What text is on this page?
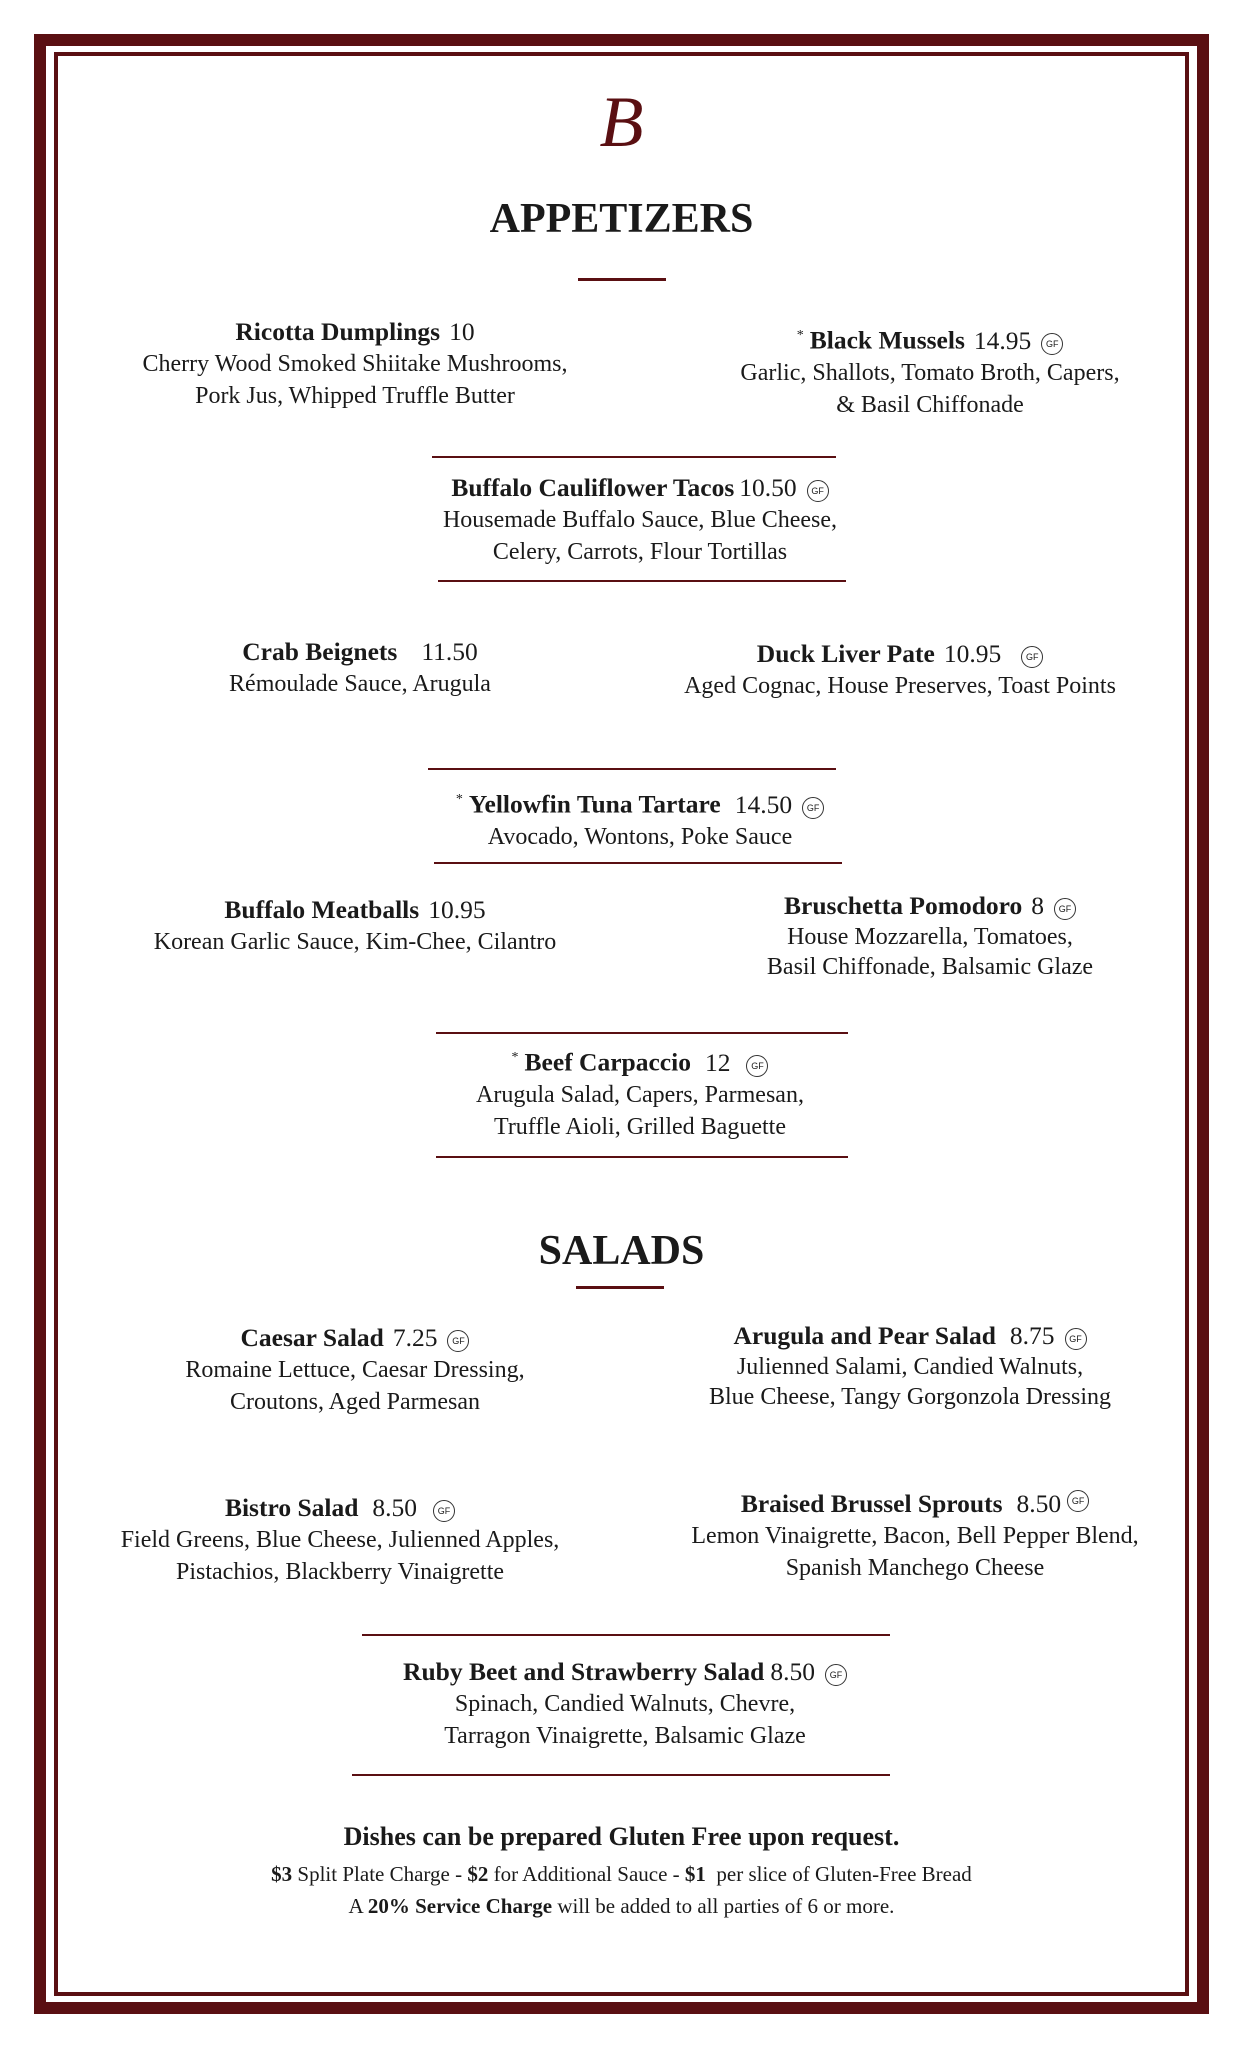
B
APPETIZERS
Ricotta Dumplings 10
Cherry Wood Smoked Shiitake Mushrooms,
Pork Jus, Whipped Truffle Butter
* Black Mussels 14.95 GF
Garlic, Shallots, Tomato Broth, Capers,
& Basil Chiffonade
Buffalo Cauliflower Tacos 10.50 GF
Housemade Buffalo Sauce, Blue Cheese,
Celery, Carrots, Flour Tortillas
Crab Beignets 11.50
Rémoulade Sauce, Arugula
Duck Liver Pate 10.95	GF
Aged Cognac, House Preserves, Toast Points
* Yellowfin Tuna Tartare 14.50 GF
Avocado, Wontons, Poke Sauce
Buffalo Meatballs 10.95
Korean Garlic Sauce, Kim-Chee, Cilantro
Bruschetta Pomodoro 8 GF
House Mozzarella, Tomatoes,
Basil Chiffonade, Balsamic Glaze
* Beef Carpaccio 12 GF
Arugula Salad, Capers, Parmesan,
Truffle Aioli, Grilled Baguette
SALADS
Caesar Salad 7.25 GF
Romaine Lettuce, Caesar Dressing,
Croutons, Aged Parmesan
Arugula and Pear Salad 8.75 GF
Julienned Salami, Candied Walnuts,
Blue Cheese, Tangy Gorgonzola Dressing
Bistro Salad 8.50 GF
Field Greens, Blue Cheese, Julienned Apples,
Pistachios, Blackberry Vinaigrette
Braised Brussel Sprouts 8.50 GF
Lemon Vinaigrette, Bacon, Bell Pepper Blend,
Spanish Manchego Cheese
Ruby Beet and Strawberry Salad 8.50 GF
Spinach, Candied Walnuts, Chevre,
Tarragon Vinaigrette, Balsamic Glaze
Dishes can be prepared Gluten Free upon request.
$3 Split Plate Charge - $2 for Additional Sauce - $1  per slice of Gluten-Free Bread
A 20% Service Charge will be added to all parties of 6 or more.
